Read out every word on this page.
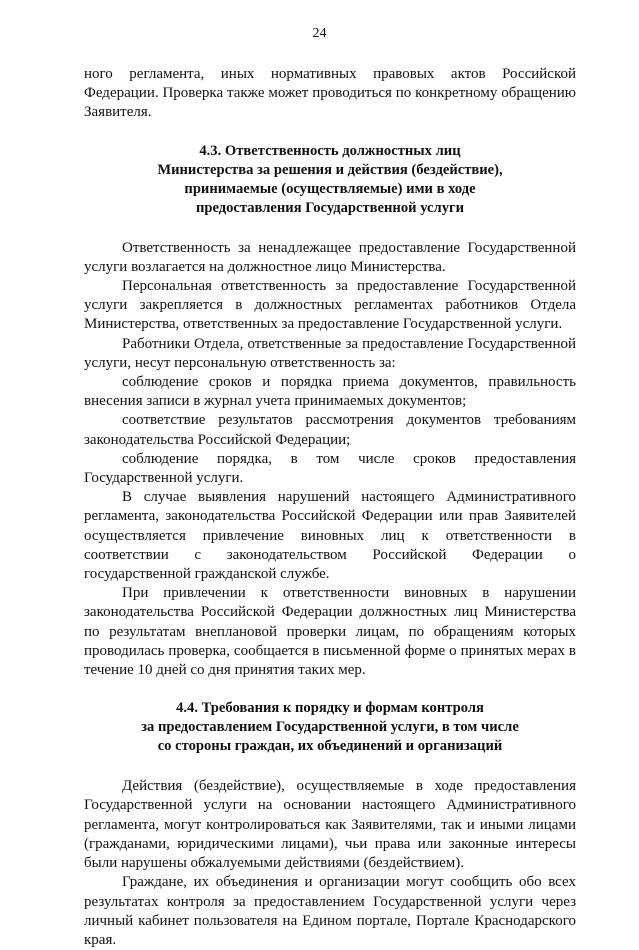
24

ного регламента, иных нормативных правовых актов Российской Федерации. Проверка также может проводиться по конкретному обращению Заявителя.

4.3. Ответственность должностных лиц

Министерства за решения и действия (бездействие),

принимаемые (осуществляемые) ими в ходе

предоставления Государственной услуги

Ответственность за ненадлежащее предоставление Государственной услуги возлагается на должностное лицо Министерства.

Персональная ответственность за предоставление Государственной услуги закрепляется в должностных регламентах работников Отдела Министерства, ответственных за предоставление Государственной услуги.

Работники Отдела, ответственные за предоставление Государственной услуги, несут персональную ответственность за:

соблюдение сроков и порядка приема документов, правильность внесения записи в журнал учета принимаемых документов;

соответствие результатов рассмотрения документов требованиям законодательства Российской Федерации;

соблюдение порядка, в том числе сроков предоставления Государственной услуги.

В случае выявления нарушений настоящего Административного регламента, законодательства Российской Федерации или прав Заявителей осуществляется привлечение виновных лиц к ответственности в соответствии с законодательством Российской Федерации о государственной гражданской службе.

При привлечении к ответственности виновных в нарушении законодательства Российской Федерации должностных лиц Министерства по результатам внеплановой проверки лицам, по обращениям которых проводилась проверка, сообщается в письменной форме о принятых мерах в течение 10 дней со дня принятия таких мер.

4.4. Требования к порядку и формам контроля

за предоставлением Государственной услуги, в том числе

со стороны граждан, их объединений и организаций

Действия (бездействие), осуществляемые в ходе предоставления Государственной услуги на основании настоящего Административного регламента, могут контролироваться как Заявителями, так и иными лицами (гражданами, юридическими лицами), чьи права или законные интересы были нарушены обжалуемыми действиями (бездействием).

Граждане, их объединения и организации могут сообщить обо всех результатах контроля за предоставлением Государственной услуги через личный кабинет пользователя на Едином портале, Портале Краснодарского края.
